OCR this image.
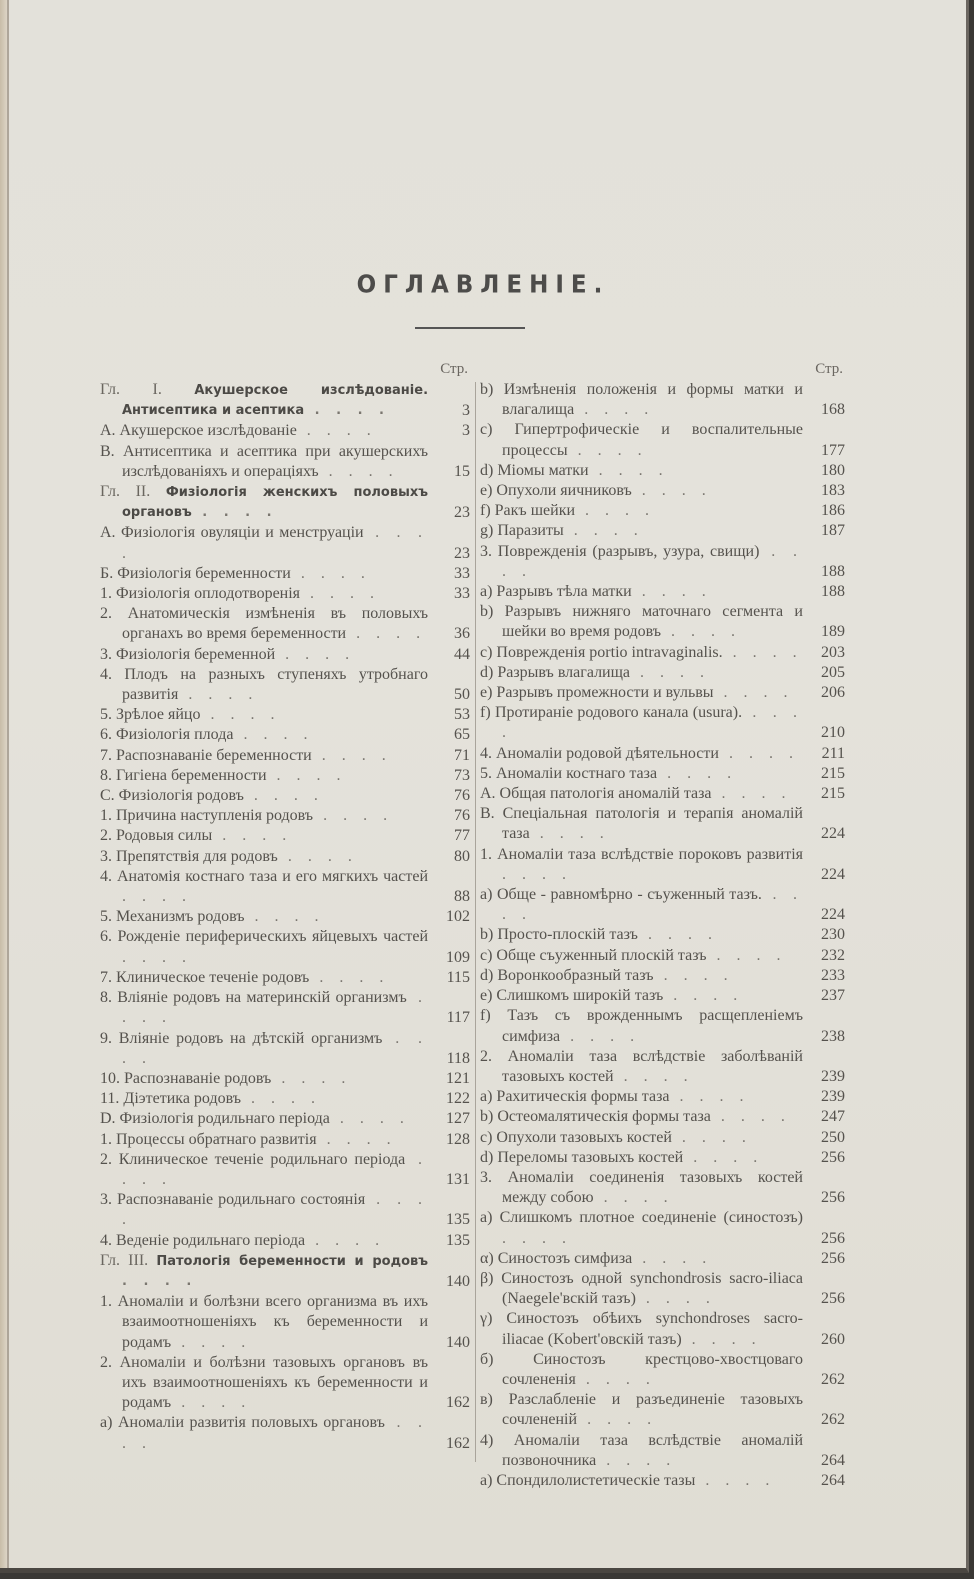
ОГЛАВЛЕНІЕ.
Стр.
Гл. I. Акушерское изслѣдованіе. Антисептика и асептика . . . .	3
A. Акушерское изслѣдованіе . . . .	3
B. Антисептика и асептика при акушерскихъ изслѣдованіяхъ и операціяхъ . . . .	15
Гл. II. Физіологія женскихъ половыхъ органовъ . . . .	23
A. Физіологія овуляціи и менструаціи . . . .	23
Б. Физіологія беременности . . . .	33
1. Физіологія оплодотворенія . . . .	33
2. Анатомическія измѣненія въ половыхъ органахъ во время беременности . . . .	36
3. Физіологія беременной . . . .	44
4. Плодъ на разныхъ ступеняхъ утробнаго развитія . . . .	50
5. Зрѣлое яйцо . . . .	53
6. Физіологія плода . . . .	65
7. Распознаваніе беременности . . . .	71
8. Гигіена беременности . . . .	73
C. Физіологія родовъ . . . .	76
1. Причина наступленія родовъ . . . .	76
2. Родовыя силы . . . .	77
3. Препятствія для родовъ . . . .	80
4. Анатомія костнаго таза и его мягкихъ частей . . . .	88
5. Механизмъ родовъ . . . .	102
6. Рожденіе периферическихъ яйцевыхъ частей . . . .	109
7. Клиническое теченіе родовъ . . . .	115
8. Вліяніе родовъ на материнскій организмъ . . . .	117
9. Вліяніе родовъ на дѣтскій организмъ . . . .	118
10. Распознаваніе родовъ . . . .	121
11. Діэтетика родовъ . . . .	122
D. Физіологія родильнаго періода . . . .	127
1. Процессы обратнаго развитія . . . .	128
2. Клиническое теченіе родильнаго періода . . . .	131
3. Распознаваніе родильнаго состоянія . . . .	135
4. Веденіе родильнаго періода . . . .	135
Гл. III. Патологія беременности и родовъ . . . .	140
1. Аномаліи и болѣзни всего организма въ ихъ взаимоотношеніяхъ къ беременности и родамъ . . . .	140
2. Аномаліи и болѣзни тазовыхъ органовъ въ ихъ взаимоотношеніяхъ къ беременности и родамъ . . . .	162
a) Аномаліи развитія половыхъ органовъ . . . .	162
Стр.
b) Измѣненія положенія и формы матки и влагалища . . . .	168
c) Гипертрофическіе и воспалительные процессы . . . .	177
d) Міомы матки . . . .	180
e) Опухоли яичниковъ . . . .	183
f) Ракъ шейки . . . .	186
g) Паразиты . . . .	187
3. Поврежденія (разрывъ, узура, свищи) . . . .	188
a) Разрывъ тѣла матки . . . .	188
b) Разрывъ нижняго маточнаго сегмента и шейки во время родовъ . . . .	189
c) Поврежденія portio intravaginalis. . . . .	203
d) Разрывъ влагалища . . . .	205
e) Разрывъ промежности и вульвы . . . .	206
f) Протираніе родового канала (usura). . . . .	210
4. Аномаліи родовой дѣятельности . . . .	211
5. Аномаліи костнаго таза . . . .	215
A. Общая патологія аномалій таза . . . .	215
B. Спеціальная патологія и терапія аномалій таза . . . .	224
1. Аномаліи таза вслѣдствіе пороковъ развитія . . . .	224
a) Обще - равномѣрно - съуженный тазъ. . . . .	224
b) Просто-плоскій тазъ . . . .	230
c) Обще съуженный плоскій тазъ . . . .	232
d) Воронкообразный тазъ . . . .	233
e) Слишкомъ широкій тазъ . . . .	237
f) Тазъ съ врожденнымъ расщепленіемъ симфиза . . . .	238
2. Аномаліи таза вслѣдствіе заболѣваній тазовыхъ костей . . . .	239
a) Рахитическія формы таза . . . .	239
b) Остеомалятическія формы таза . . . .	247
c) Опухоли тазовыхъ костей . . . .	250
d) Переломы тазовыхъ костей . . . .	256
3. Аномаліи соединенія тазовыхъ костей между собою . . . .	256
a) Слишкомъ плотное соединеніе (синостозъ) . . . .	256
α) Синостозъ симфиза . . . .	256
β) Синостозъ одной synchondrosis sacro-iliaca (Naegele'вскій тазъ) . . . .	256
γ) Синостозъ обѣихъ synchondroses sacro-iliacae (Kobert'овскій тазъ) . . . .	260
б) Синостозъ крестцово-хвостцоваго сочлененія . . . .	262
в) Разслабленіе и разъединеніе тазовыхъ сочлененій . . . .	262
4) Аномаліи таза вслѣдствіе аномалій позвоночника . . . .	264
a) Спондилолистетическіе тазы . . . .	264
